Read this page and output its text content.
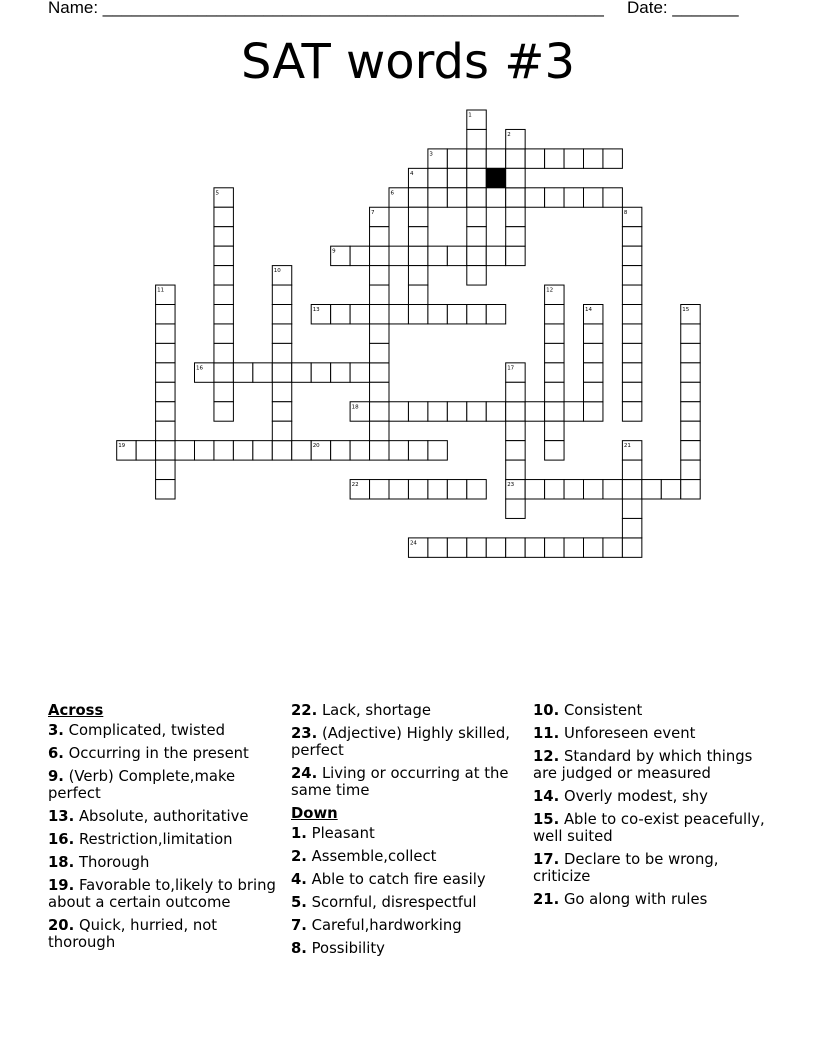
Name: _____________________________________________________ Date: _______
SAT words #3
3
4
6
9
13
16
18
19	20
22	23
24
1
2
5
7	8
10
11	12
14	15
17
21
Across
3. Complicated, twisted
6. Occurring in the present
9. (Verb) Complete,make perfect
13. Absolute, authoritative
16. Restriction,limitation
18. Thorough
19. Favorable to,likely to bring about a certain outcome
20. Quick, hurried, not thorough
22. Lack, shortage
23. (Adjective) Highly skilled, perfect
24. Living or occurring at the same time
Down
1. Pleasant
2. Assemble,collect
4. Able to catch fire easily
5. Scornful, disrespectful
7. Careful,hardworking
8. Possibility
10. Consistent
11. Unforeseen event
12. Standard by which things are judged or measured
14. Overly modest, shy
15. Able to co-exist peacefully, well suited
17. Declare to be wrong, criticize
21. Go along with rules
